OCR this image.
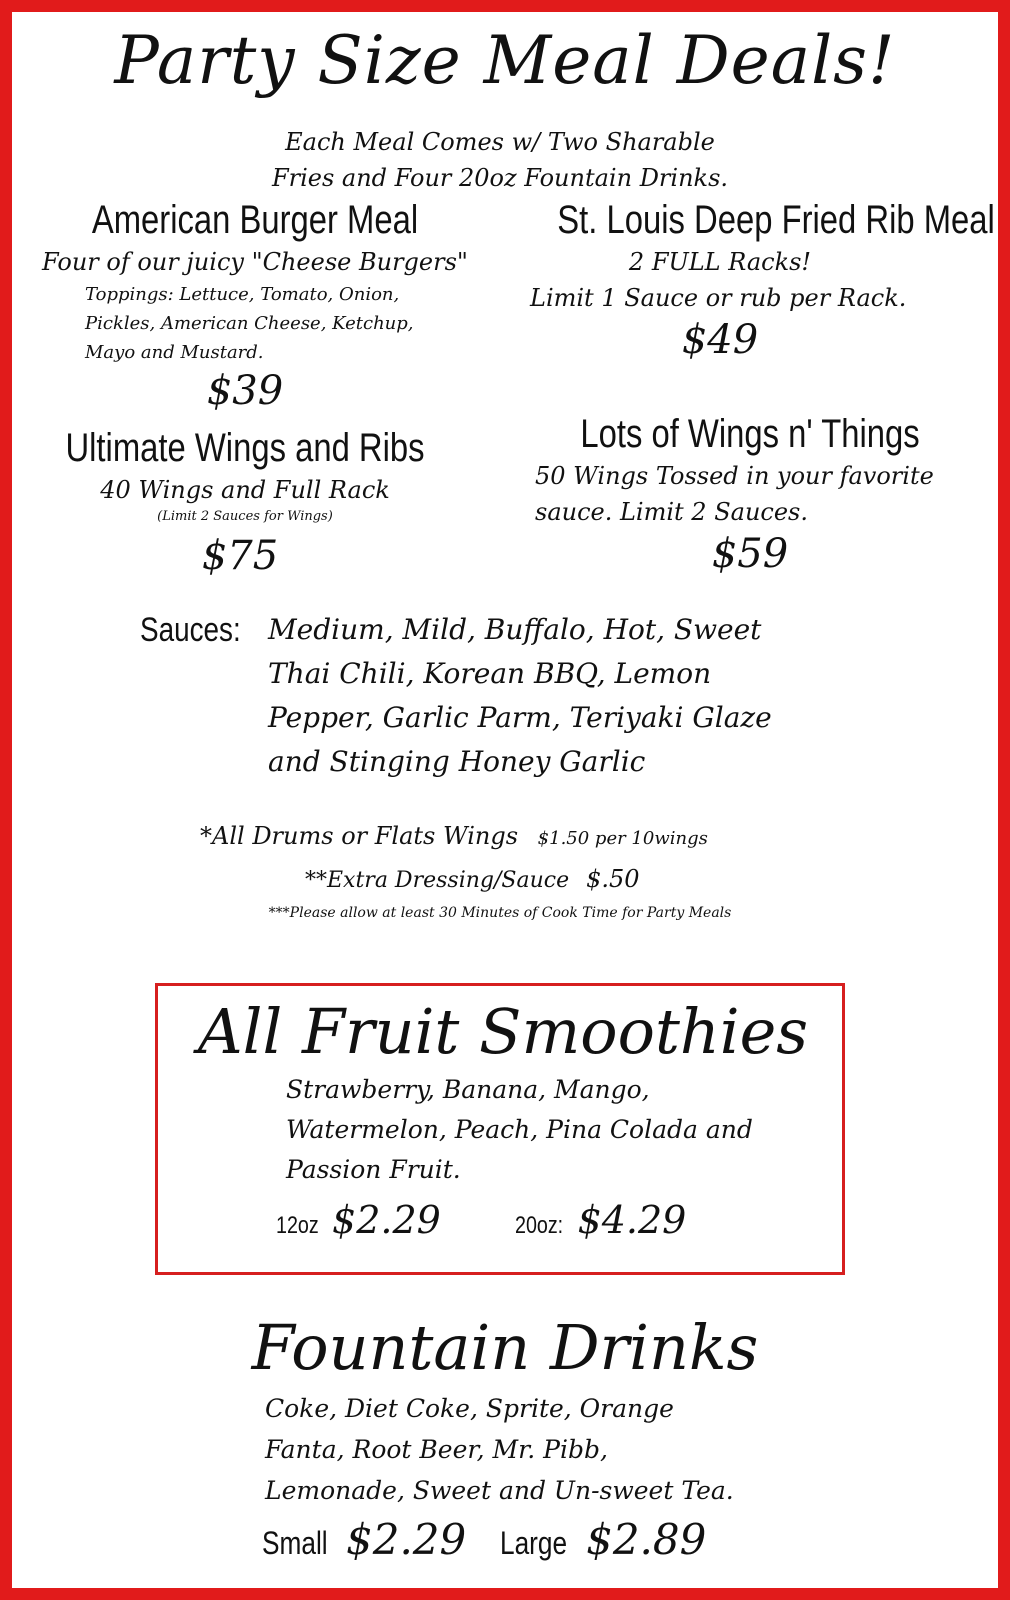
Party Size Meal Deals!
Each Meal Comes w/ Two Sharable
Fries and Four 20oz Fountain Drinks.
American Burger Meal
Four of our juicy "Cheese Burgers"
Toppings: Lettuce, Tomato, Onion,
Pickles, American Cheese, Ketchup,
Mayo and Mustard.
$39
St. Louis Deep Fried Rib Meal
2 FULL Racks!
Limit 1 Sauce or rub per Rack.
$49
Ultimate Wings and Ribs
40 Wings and Full Rack
(Limit 2 Sauces for Wings)
$75
Lots of Wings n' Things
50 Wings Tossed in your favorite
sauce. Limit 2 Sauces.
$59
Sauces: Medium, Mild, Buffalo, Hot, Sweet
Thai Chili, Korean BBQ, Lemon
Pepper, Garlic Parm, Teriyaki Glaze
and Stinging Honey Garlic
*All Drums or Flats Wings $1.50 per 10wings
**Extra Dressing/Sauce $.50
***Please allow at least 30 Minutes of Cook Time for Party Meals
All Fruit Smoothies
Strawberry, Banana, Mango,
Watermelon, Peach, Pina Colada and
Passion Fruit.
12oz $2.29	20oz: $4.29
Fountain Drinks
Coke, Diet Coke, Sprite, Orange
Fanta, Root Beer, Mr. Pibb,
Lemonade, Sweet and Un-sweet Tea.
Small $2.29 Large $2.89
